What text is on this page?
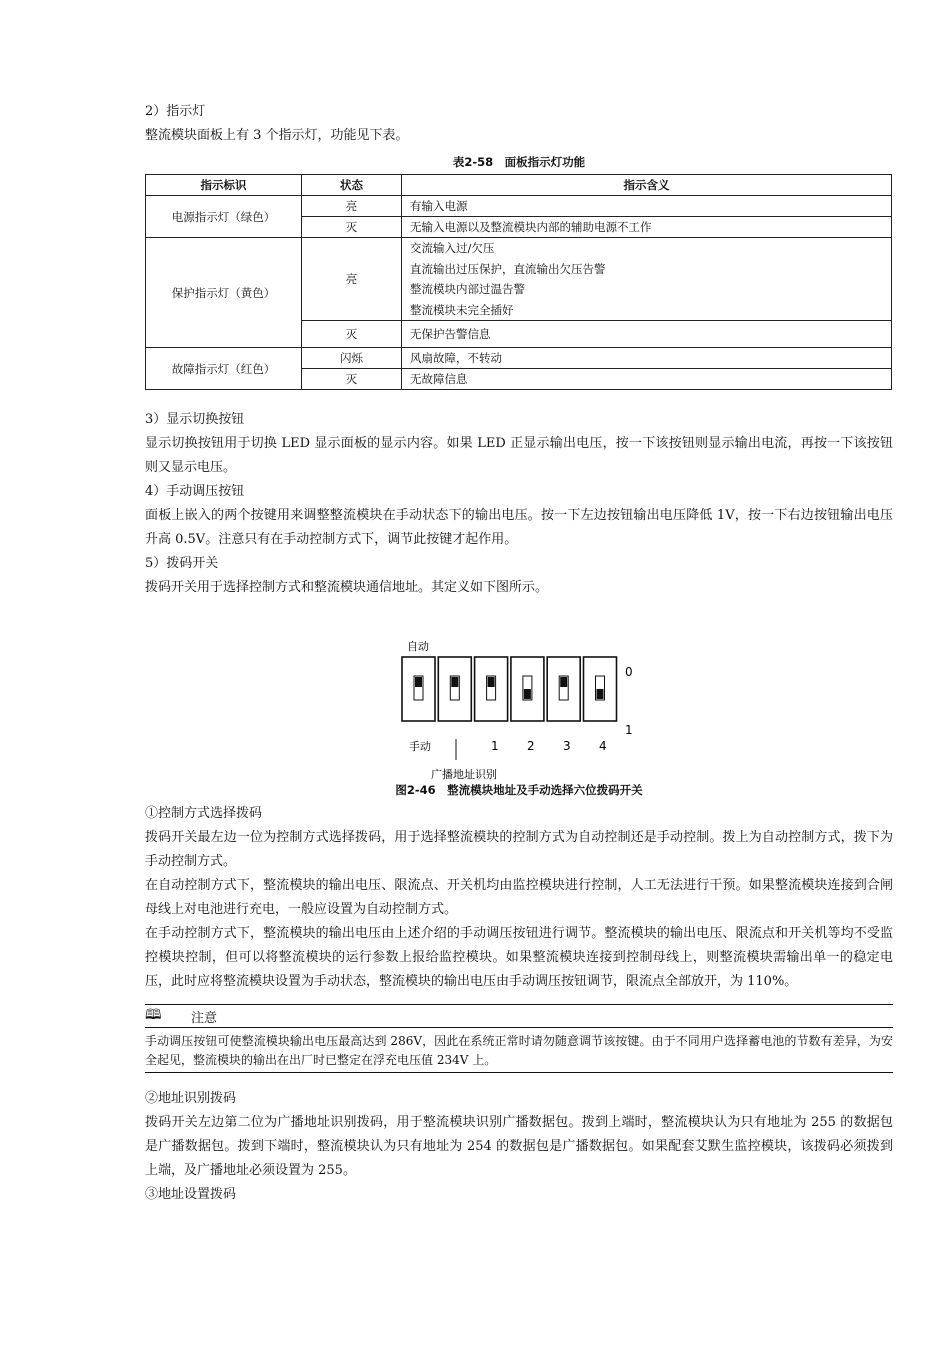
2）指示灯

整流模块面板上有 3 个指示灯，功能见下表。

表2-58　面板指示灯功能
指示标识	状态	指示含义
电源指示灯（绿色）	亮	有输入电源
	灭	无输入电源以及整流模块内部的辅助电源不工作
保护指示灯（黄色）	亮	交流输入过/欠压
直流输出过压保护，直流输出欠压告警
整流模块内部过温告警
整流模块未完全插好

	灭	无保护告警信息
故障指示灯（红色）	闪烁	风扇故障，不转动
	灭	无故障信息

3）显示切换按钮

显示切换按钮用于切换 LED 显示面板的显示内容。如果 LED 正显示输出电压，按一下该按钮则显示输出电流，再按一下该按钮则又显示电压。

4）手动调压按钮

面板上嵌入的两个按键用来调整整流模块在手动状态下的输出电压。按一下左边按钮输出电压降低 1V，按一下右边按钮输出电压升高 0.5V。注意只有在手动控制方式下，调节此按键才起作用。

5）拨码开关

拨码开关用于选择控制方式和整流模块通信地址。其定义如下图所示。

自动
0
1
手动	1 2 3 4
广播地址识别
图2-46　整流模块地址及手动选择六位拨码开关

①控制方式选择拨码

拨码开关最左边一位为控制方式选择拨码，用于选择整流模块的控制方式为自动控制还是手动控制。拨上为自动控制方式，拨下为手动控制方式。

在自动控制方式下，整流模块的输出电压、限流点、开关机均由监控模块进行控制，人工无法进行干预。如果整流模块连接到合闸母线上对电池进行充电，一般应设置为自动控制方式。

在手动控制方式下，整流模块的输出电压由上述介绍的手动调压按钮进行调节。整流模块的输出电压、限流点和开关机等均不受监控模块控制，但可以将整流模块的运行参数上报给监控模块。如果整流模块连接到控制母线上，则整流模块需输出单一的稳定电压，此时应将整流模块设置为手动状态，整流模块的输出电压由手动调压按钮调节，限流点全部放开，为 110%。

🕮	注意
手动调压按钮可使整流模块输出电压最高达到 286V，因此在系统正常时请勿随意调节该按键。由于不同用户选择蓄电池的节数有差异，为安全起见，整流模块的输出在出厂时已整定在浮充电压值 234V 上。

②地址识别拨码

拨码开关左边第二位为广播地址识别拨码，用于整流模块识别广播数据包。拨到上端时，整流模块认为只有地址为 255 的数据包是广播数据包。拨到下端时，整流模块认为只有地址为 254 的数据包是广播数据包。如果配套艾默生监控模块，该拨码必须拨到上端，及广播地址必须设置为 255。

③地址设置拨码
